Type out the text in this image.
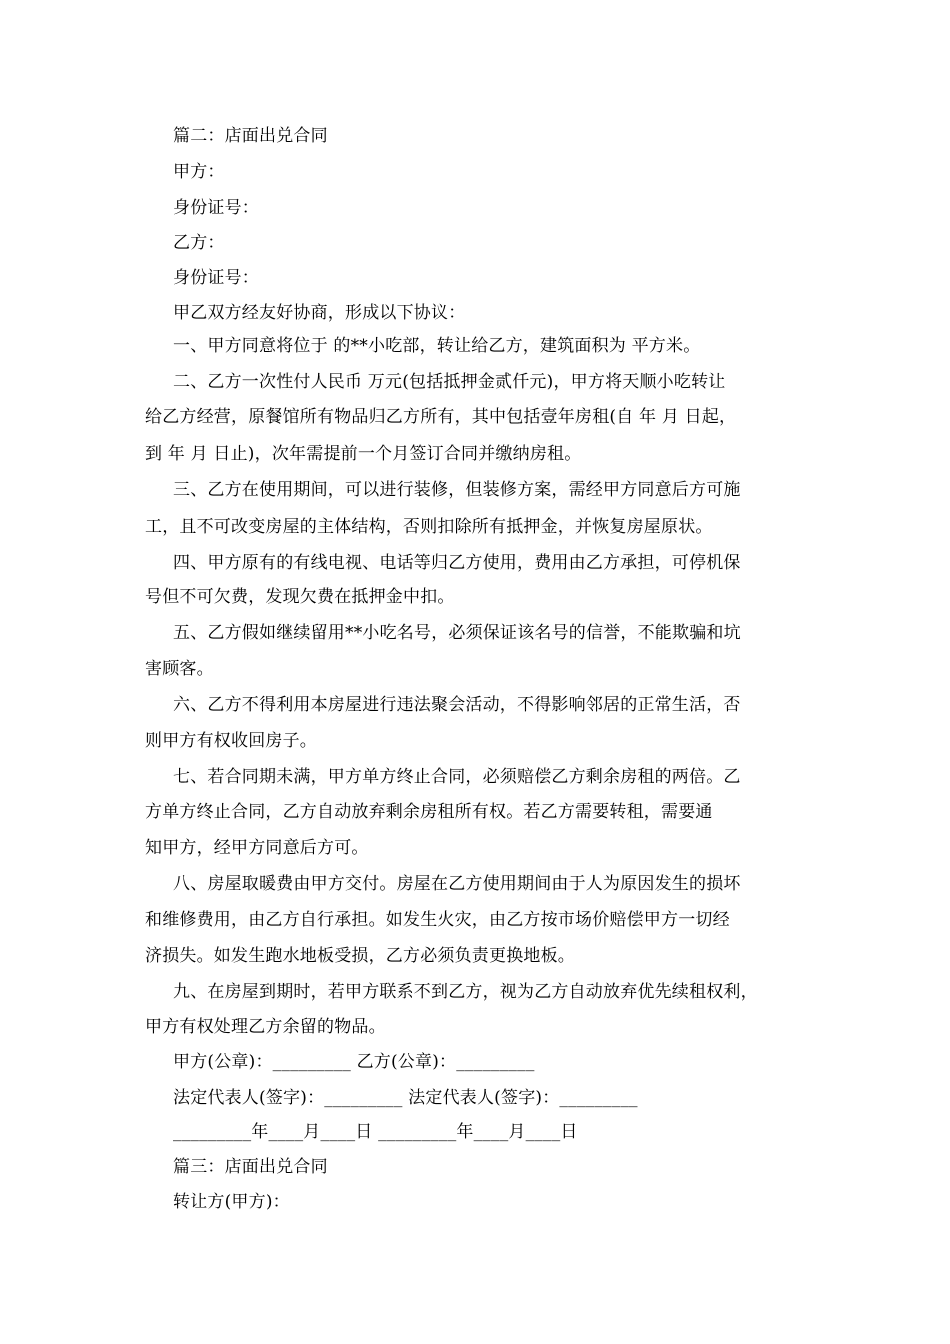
篇二：店面出兑合同
甲方：
身份证号：
乙方：
身份证号：
甲乙双方经友好协商，形成以下协议：
一、甲方同意将位于 的**小吃部，转让给乙方，建筑面积为 平方米。
二、乙方一次性付人民币 万元(包括抵押金贰仟元)，甲方将天顺小吃转让
给乙方经营，原餐馆所有物品归乙方所有，其中包括壹年房租(自 年 月 日起，
到 年 月 日止)，次年需提前一个月签订合同并缴纳房租。
三、乙方在使用期间，可以进行装修，但装修方案，需经甲方同意后方可施
工，且不可改变房屋的主体结构，否则扣除所有抵押金，并恢复房屋原状。
四、甲方原有的有线电视、电话等归乙方使用，费用由乙方承担，可停机保
号但不可欠费，发现欠费在抵押金中扣。
五、乙方假如继续留用**小吃名号，必须保证该名号的信誉，不能欺骗和坑
害顾客。
六、乙方不得利用本房屋进行违法聚会活动，不得影响邻居的正常生活，否
则甲方有权收回房子。
七、若合同期未满，甲方单方终止合同，必须赔偿乙方剩余房租的两倍。乙
方单方终止合同，乙方自动放弃剩余房租所有权。若乙方需要转租，需要通
知甲方，经甲方同意后方可。
八、房屋取暖费由甲方交付。房屋在乙方使用期间由于人为原因发生的损坏
和维修费用，由乙方自行承担。如发生火灾，由乙方按市场价赔偿甲方一切经
济损失。如发生跑水地板受损，乙方必须负责更换地板。
九、在房屋到期时，若甲方联系不到乙方，视为乙方自动放弃优先续租权利，
甲方有权处理乙方余留的物品。
甲方(公章)：_________ 乙方(公章)：_________
法定代表人(签字)：_________ 法定代表人(签字)：_________
_________年____月____日 _________年____月____日
篇三：店面出兑合同
转让方(甲方)：
